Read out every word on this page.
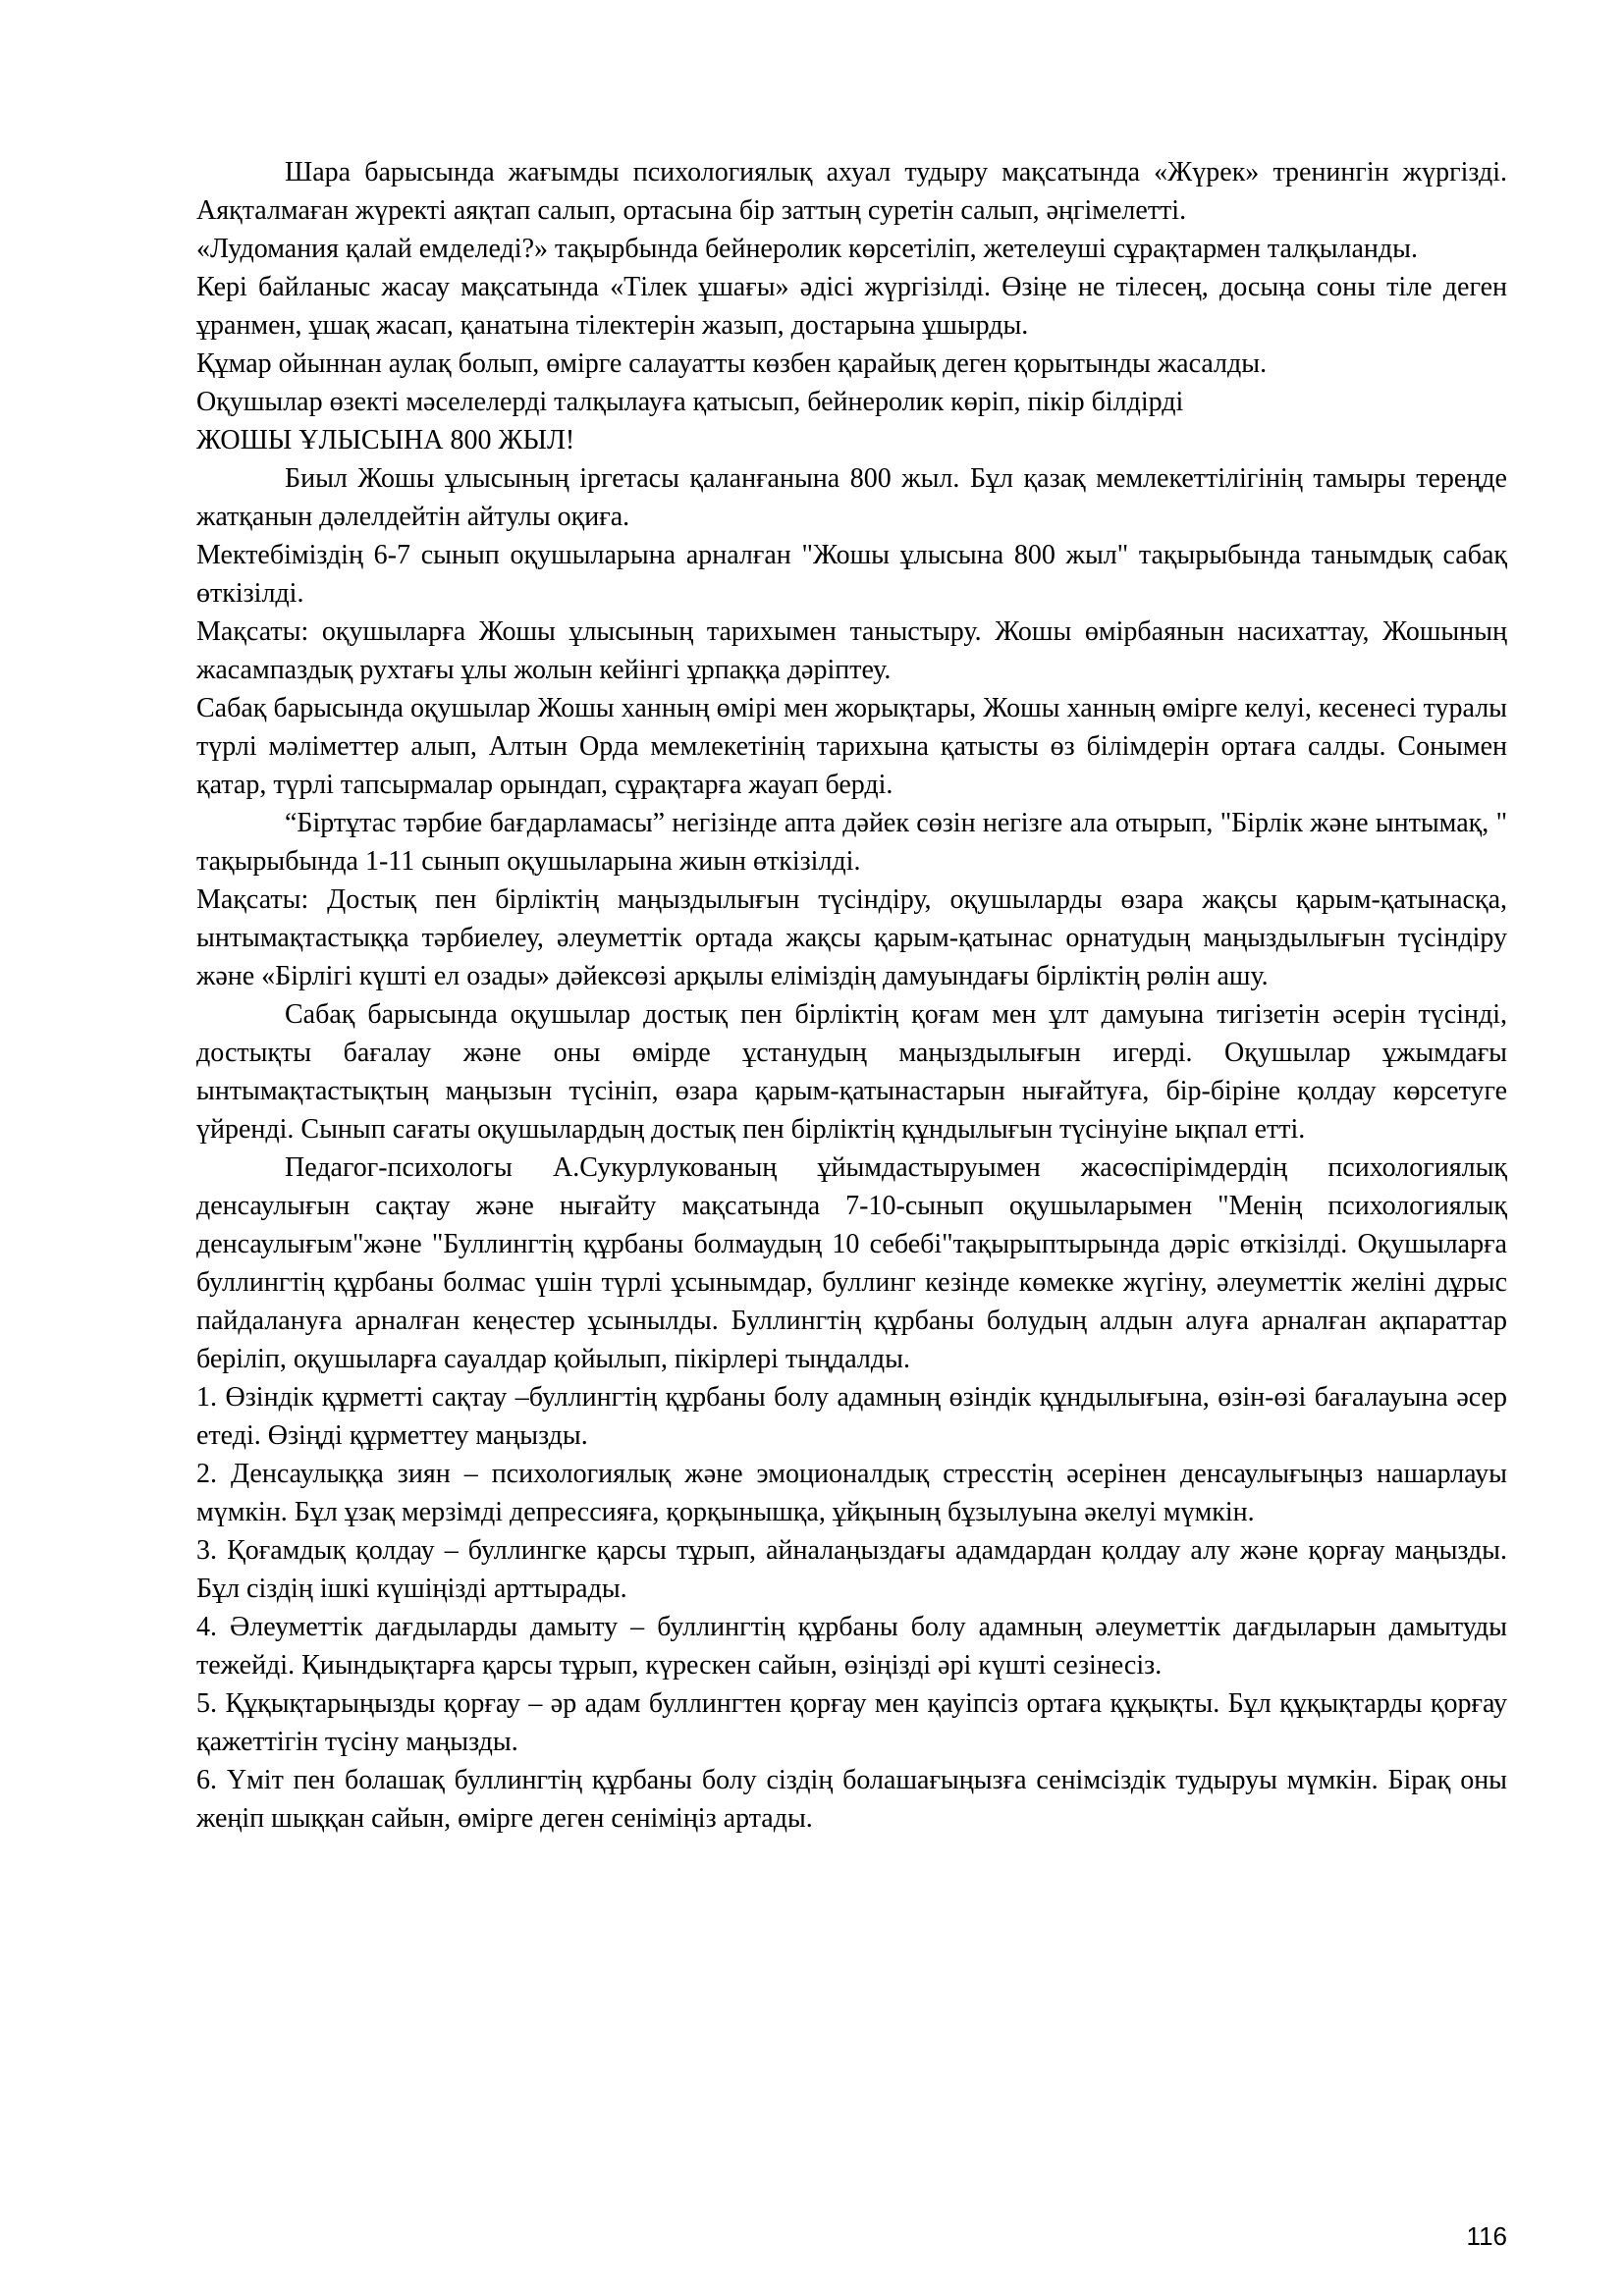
Шара барысында жағымды психологиялық ахуал тудыру мақсатында «Жүрек» тренингін жүргізді. Аяқталмаған жүректі аяқтап салып, ортасына бір заттың суретін салып, әңгімелетті.

«Лудомания қалай емделеді?» тақырбында бейнеролик көрсетіліп, жетелеуші сұрақтармен талқыланды.

Кері байланыс жасау мақсатында «Тілек ұшағы» әдісі жүргізілді. Өзіңе не тілесең, досыңа соны тіле деген ұранмен, ұшақ жасап, қанатына тілектерін жазып, достарына ұшырды.

Құмар ойыннан аулақ болып, өмірге салауатты көзбен қарайық деген қорытынды жасалды.

Оқушылар өзекті мәселелерді талқылауға қатысып, бейнеролик көріп, пікір білдірді

ЖОШЫ ҰЛЫСЫНА 800 ЖЫЛ!

Биыл Жошы ұлысының іргетасы қаланғанына 800 жыл. Бұл қазақ мемлекеттілігінің тамыры тереңде жатқанын дәлелдейтін айтулы оқиға.

Мектебіміздің 6-7 сынып оқушыларына арналған "Жошы ұлысына 800 жыл" тақырыбында танымдық сабақ өткізілді.

Мақсаты: оқушыларға Жошы ұлысының тарихымен таныстыру. Жошы өмірбаянын насихаттау, Жошының жасампаздық рухтағы ұлы жолын кейінгі ұрпаққа дәріптеу.

Сабақ барысында оқушылар Жошы ханның өмірі мен жорықтары, Жошы ханның өмірге келуі, кесенесі туралы түрлі мәліметтер алып, Алтын Орда мемлекетінің тарихына қатысты өз білімдерін ортаға салды. Сонымен қатар, түрлі тапсырмалар орындап, сұрақтарға жауап берді.

“Біртұтас тәрбие бағдарламасы” негізінде апта дәйек сөзін негізге ала отырып, "Бірлік және ынтымақ, " тақырыбында 1-11 сынып оқушыларына жиын өткізілді.

Мақсаты: Достық пен бірліктің маңыздылығын түсіндіру, оқушыларды өзара жақсы қарым-қатынасқа, ынтымақтастыққа тәрбиелеу, әлеуметтік ортада жақсы қарым-қатынас орнатудың маңыздылығын түсіндіру және «Бірлігі күшті ел озады» дәйексөзі арқылы еліміздің дамуындағы бірліктің рөлін ашу.

Сабақ барысында оқушылар достық пен бірліктің қоғам мен ұлт дамуына тигізетін әсерін түсінді, достықты бағалау және оны өмірде ұстанудың маңыздылығын игерді. Оқушылар ұжымдағы ынтымақтастықтың маңызын түсініп, өзара қарым-қатынастарын нығайтуға, бір-біріне қолдау көрсетуге үйренді. Сынып сағаты оқушылардың достық пен бірліктің құндылығын түсінуіне ықпал етті.

Педагог-психологы А.Сукурлукованың ұйымдастыруымен жасөспірімдердің психологиялық денсаулығын сақтау және нығайту мақсатында 7-10-сынып оқушыларымен "Менің психологиялық денсаулығым"және "Буллингтің құрбаны болмаудың 10 себебі"тақырыптырында дәріс өткізілді. Оқушыларға буллингтің құрбаны болмас үшін түрлі ұсынымдар, буллинг кезінде көмекке жүгіну, әлеуметтік желіні дұрыс пайдалануға арналған кеңестер ұсынылды. Буллингтің құрбаны болудың алдын алуға арналған ақпараттар беріліп, оқушыларға сауалдар қойылып, пікірлері тыңдалды.

1. Өзіндік құрметті сақтау –буллингтің құрбаны болу адамның өзіндік құндылығына, өзін-өзі бағалауына әсер етеді. Өзіңді құрметтеу маңызды.

2. Денсаулыққа зиян – психологиялық және эмоционалдық стресстің әсерінен денсаулығыңыз нашарлауы мүмкін. Бұл ұзақ мерзімді депрессияға, қорқынышқа, ұйқының бұзылуына әкелуі мүмкін.

3. Қоғамдық қолдау – буллингке қарсы тұрып, айналаңыздағы адамдардан қолдау алу және қорғау маңызды. Бұл сіздің ішкі күшіңізді арттырады.

4. Әлеуметтік дағдыларды дамыту – буллингтің құрбаны болу адамның әлеуметтік дағдыларын дамытуды тежейді. Қиындықтарға қарсы тұрып, күрескен сайын, өзіңізді әрі күшті сезінесіз.

5. Құқықтарыңызды қорғау – әр адам буллингтен қорғау мен қауіпсіз ортаға құқықты. Бұл құқықтарды қорғау қажеттігін түсіну маңызды.

6. Үміт пен болашақ буллингтің құрбаны болу сіздің болашағыңызға сенімсіздік тудыруы мүмкін. Бірақ оны жеңіп шыққан сайын, өмірге деген сеніміңіз артады.

116
